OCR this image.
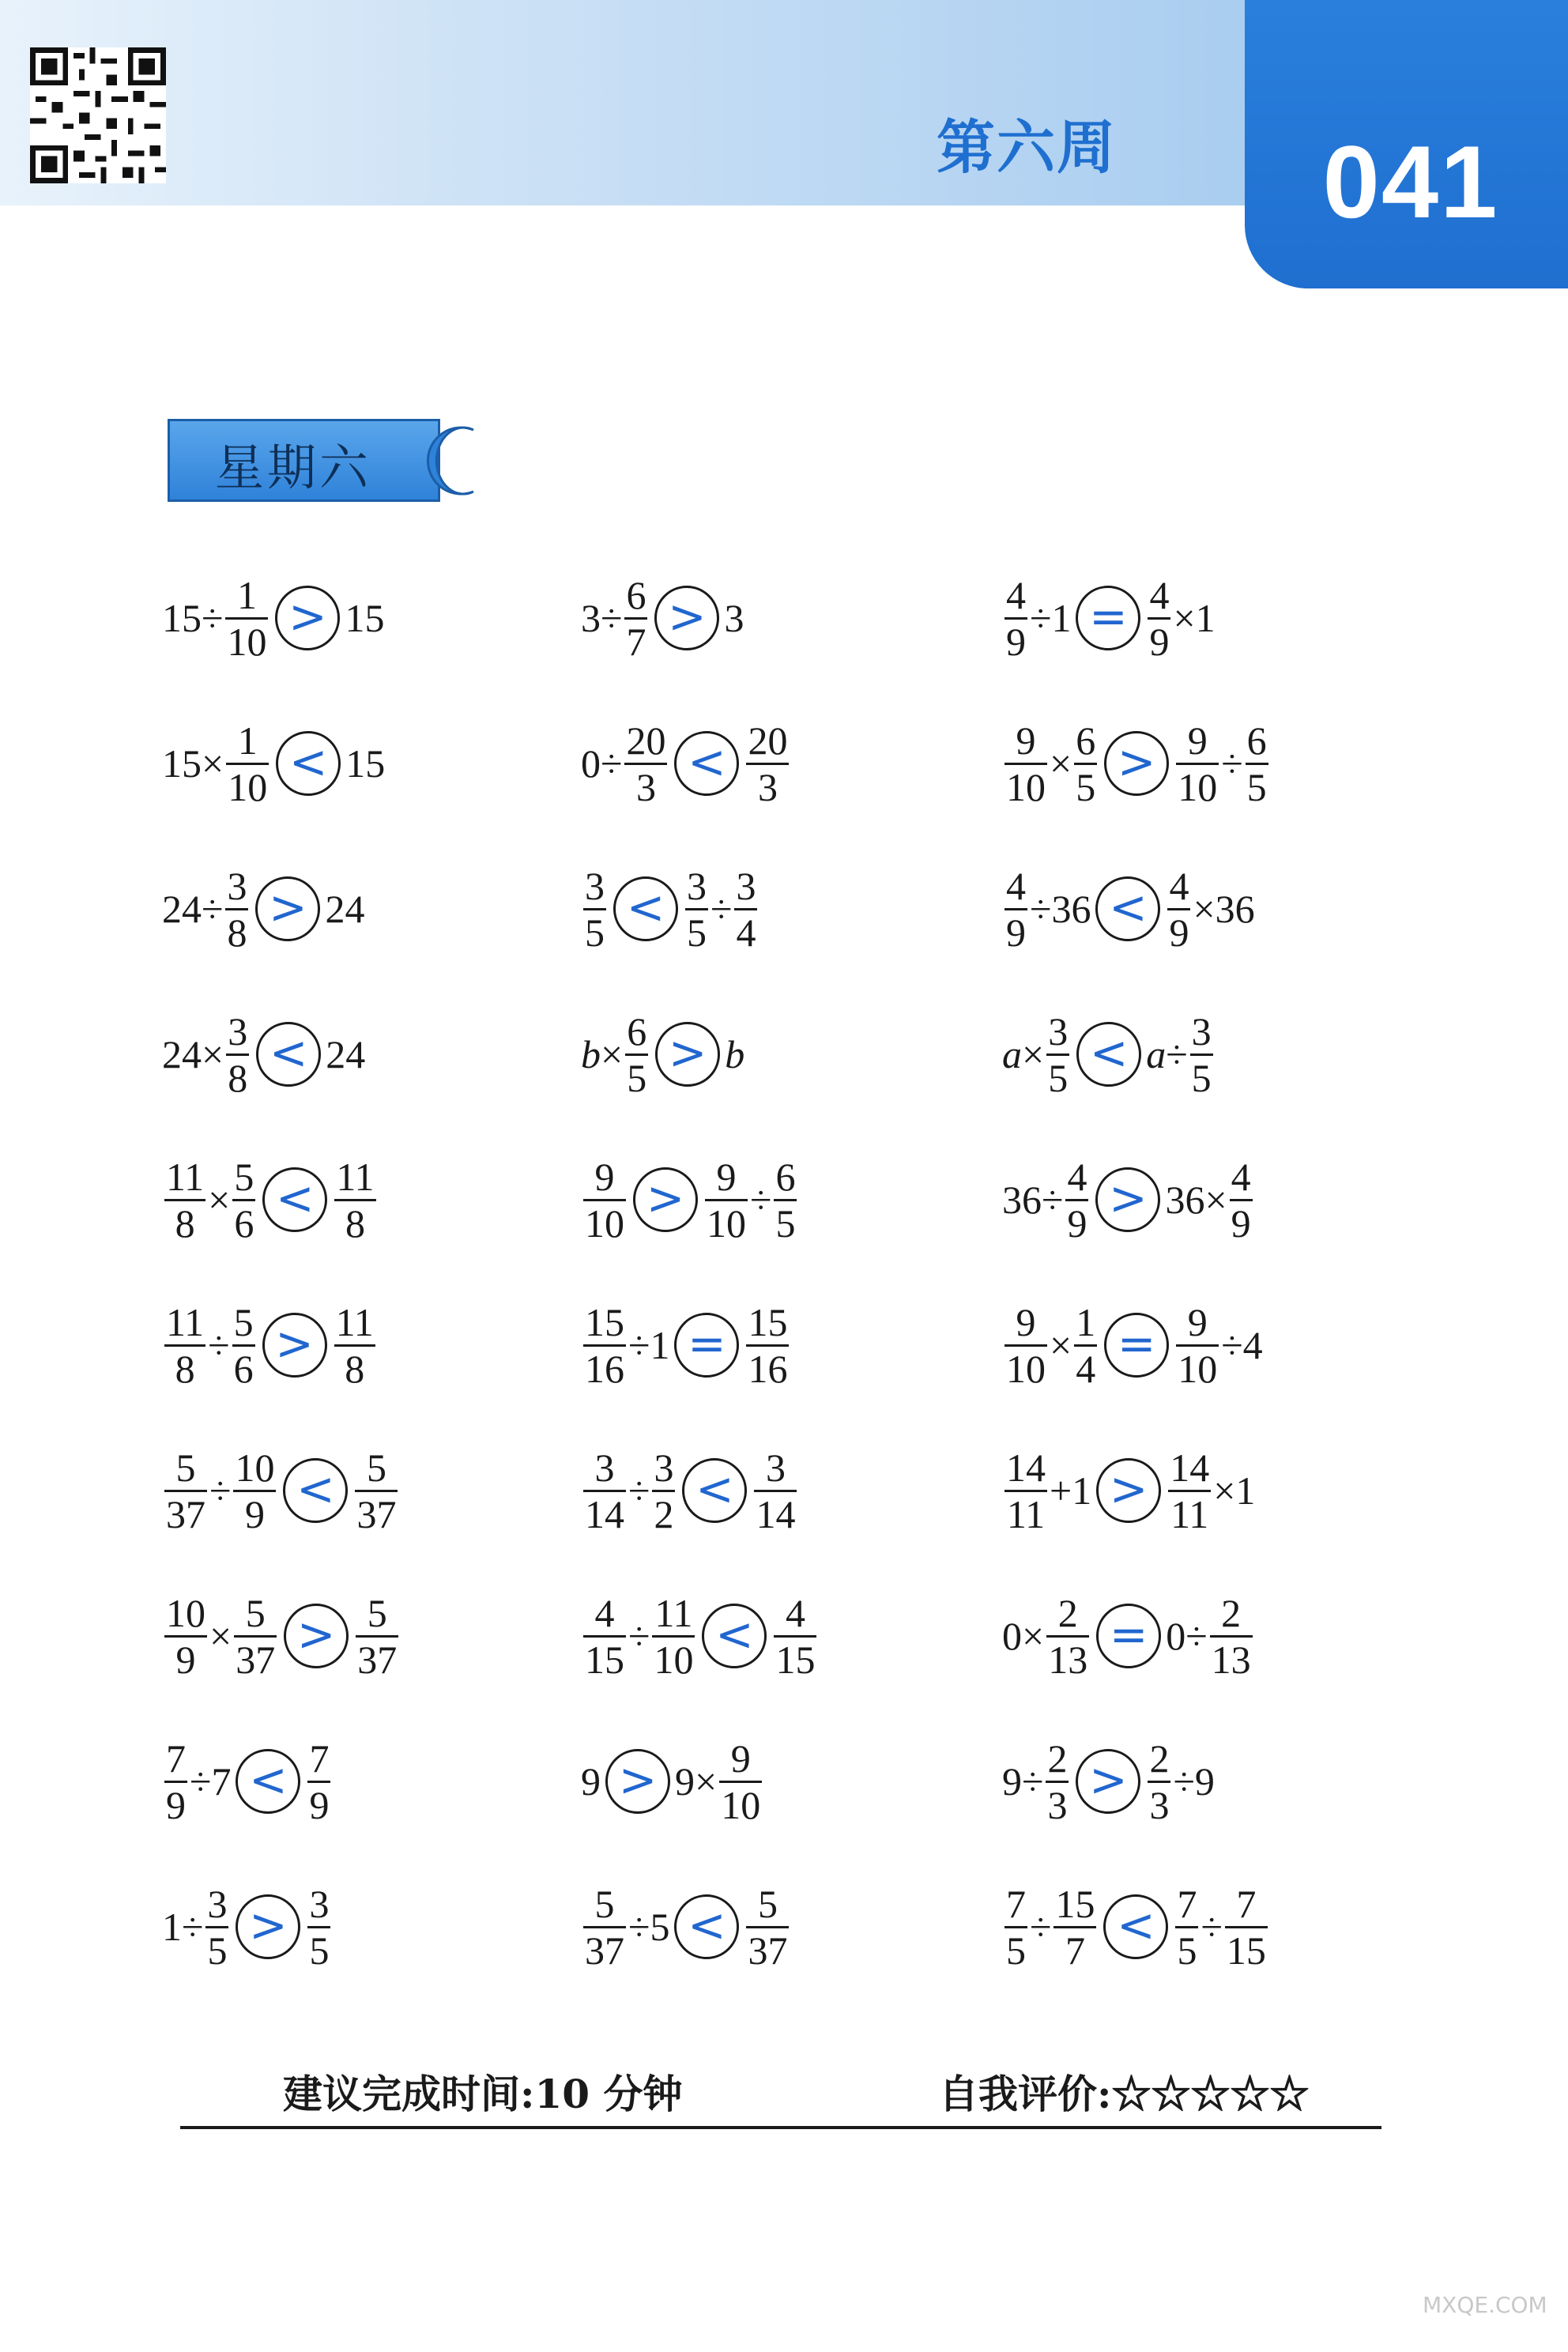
第六周	041
星期六
$15\div \frac{1}{10} > 15$
$15\times \frac{1}{10} < 15$
$24\div \frac{3}{8} > 24$
$24\times \frac{3}{8} < 24$
$\frac{11}{8} \times \frac{5}{6} < \frac{11}{8}$
$\frac{11}{8} \div \frac{5}{6} > \frac{11}{8}$
$\frac{5}{37} \div \frac{10}{9} < \frac{5}{37}$
$\frac{10}{9} \times \frac{5}{37} > \frac{5}{37}$
$\frac{7}{9} \div 7 < \frac{7}{9}$
$1\div \frac{3}{5} > \frac{3}{5}$
$3\div \frac{6}{7} > 3$
$0\div \frac{20}{3} < \frac{20}{3}$
$\frac{3}{5} < \frac{3}{5} \div \frac{3}{4}$
$b \times \frac{6}{5} > b$
$\frac{9}{10} > \frac{9}{10} \div \frac{6}{5}$
$\frac{15}{16} \div 1 = \frac{15}{16}$
$\frac{3}{14} \div \frac{3}{2} < \frac{3}{14}$
$\frac{4}{15} \div \frac{11}{10} < \frac{4}{15}$
$9 > 9\times \frac{9}{10}$
$\frac{5}{37} \div 5 < \frac{5}{37}$
$\frac{4}{9} \div 1 = \frac{4}{9} \times 1$
$\frac{9}{10} \times \frac{6}{5} > \frac{9}{10} \div \frac{6}{5}$
$\frac{4}{9} \div 36 < \frac{4}{9} \times 36$
$a \times \frac{3}{5} < a \div \frac{3}{5}$
$36\div \frac{4}{9} > 36\times \frac{4}{9}$
$\frac{9}{10} \times \frac{1}{4} = \frac{9}{10} \div 4$
$\frac{14}{11} +1 > \frac{14}{11} \times 1$
$0\times \frac{2}{13} = 0\div \frac{2}{13}$
$9\div \frac{2}{3} > \frac{2}{3} \div 9$
$\frac{7}{5} \div \frac{15}{7} < \frac{7}{5} \div \frac{7}{15}$
建议完成时间:10 分钟	自我评价:☆☆☆☆☆
MXQE.COM
